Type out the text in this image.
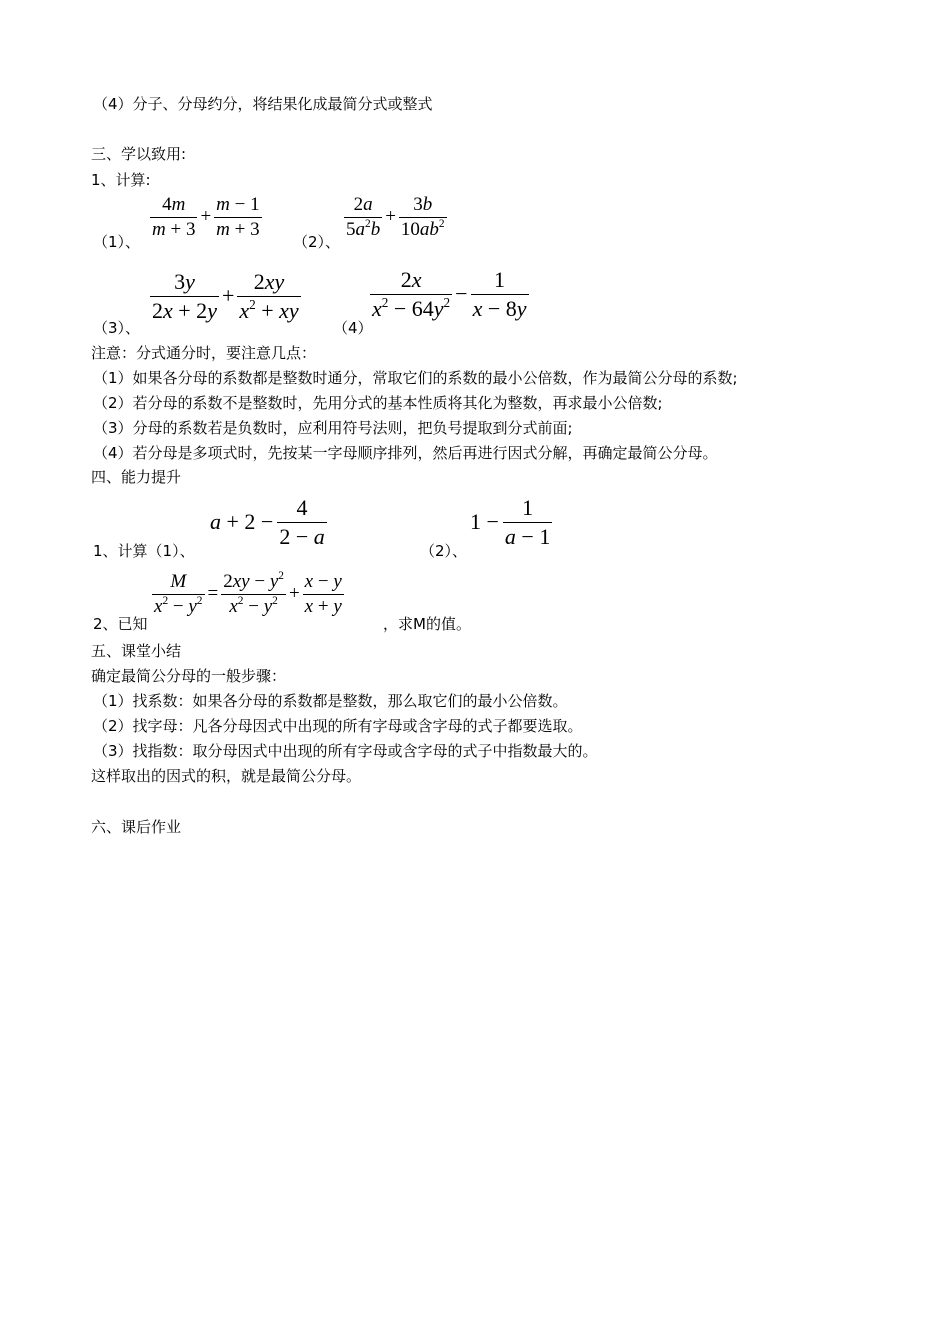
（4）分子、分母约分，将结果化成最简分式或整式
三、学以致用:
1、计算:
（1）、
$\frac{4m}{m + 3} + \frac{m - 1}{m + 3}$
（2）、
$\frac{2a}{5a^2b} + \frac{3b}{10ab^2}$
（3）、
$\frac{3y}{2x + 2y} + \frac{2xy}{x^2 + xy}$
（4）
$\frac{2x}{x^2 - 64y^2} - \frac{1}{x - 8y}$
注意：分式通分时，要注意几点：
（1）如果各分母的系数都是整数时通分，常取它们的系数的最小公倍数，作为最简公分母的系数;
（2）若分母的系数不是整数时，先用分式的基本性质将其化为整数，再求最小公倍数;
（3）分母的系数若是负数时，应利用符号法则，把负号提取到分式前面;
（4）若分母是多项式时，先按某一字母顺序排列，然后再进行因式分解，再确定最简公分母。
四、能力提升
1、计算（1）、
$a + 2 - \frac{4}{2 - a}$
（2）、
$1 - \frac{1}{a - 1}$
2、已知
$\frac{M}{x^2 - y^2} = \frac{2xy - y^2}{x^2 - y^2} + \frac{x - y}{x + y}$
，求M的值。
五、课堂小结
确定最简公分母的一般步骤：
（1）找系数：如果各分母的系数都是整数，那么取它们的最小公倍数。
（2）找字母：凡各分母因式中出现的所有字母或含字母的式子都要选取。
（3）找指数：取分母因式中出现的所有字母或含字母的式子中指数最大的。
这样取出的因式的积，就是最简公分母。
六、课后作业
